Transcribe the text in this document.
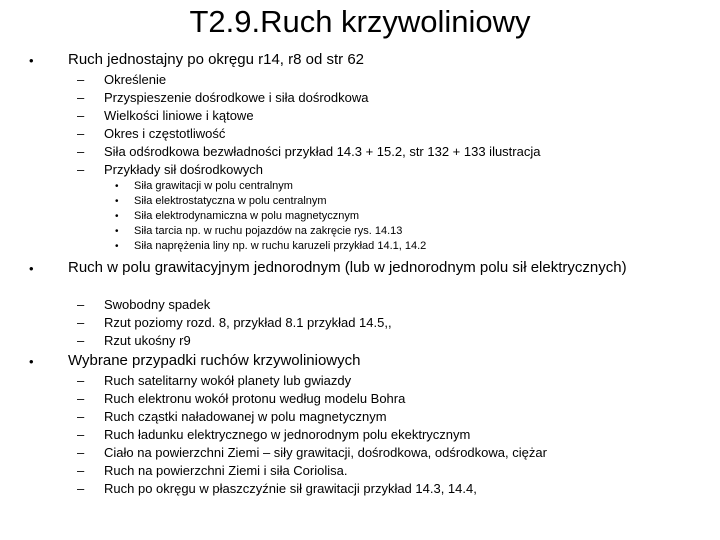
T2.9.Ruch krzywoliniowy
• Ruch jednostajny po okręgu r14, r8 od str 62
– Określenie
– Przyspieszenie dośrodkowe i siła dośrodkowa
– Wielkości liniowe i kątowe
– Okres i częstotliwość
– Siła odśrodkowa bezwładności przykład 14.3 + 15.2, str 132 + 133 ilustracja
– Przykłady sił dośrodkowych
• Siła grawitacji w polu centralnym
• Siła elektrostatyczna w polu centralnym
• Siła elektrodynamiczna w polu magnetycznym
• Siła tarcia np. w ruchu pojazdów na zakręcie rys. 14.13
• Siła naprężenia liny np. w ruchu karuzeli przykład 14.1, 14.2
• Ruch w polu grawitacyjnym jednorodnym (lub w jednorodnym polu sił elektrycznych)
– Swobodny spadek
– Rzut poziomy rozd. 8, przykład 8.1 przykład 14.5,,
– Rzut ukośny r9
• Wybrane przypadki ruchów krzywoliniowych
– Ruch satelitarny wokół planety lub gwiazdy
– Ruch elektronu wokół protonu według modelu Bohra
– Ruch cząstki naładowanej w polu magnetycznym
– Ruch ładunku elektrycznego w jednorodnym polu ekektrycznym
– Ciało na powierzchni Ziemi – siły grawitacji, dośrodkowa, odśrodkowa, ciężar
– Ruch na powierzchni Ziemi i siła Coriolisa.
– Ruch po okręgu w płaszczyźnie sił grawitacji przykład 14.3, 14.4,
